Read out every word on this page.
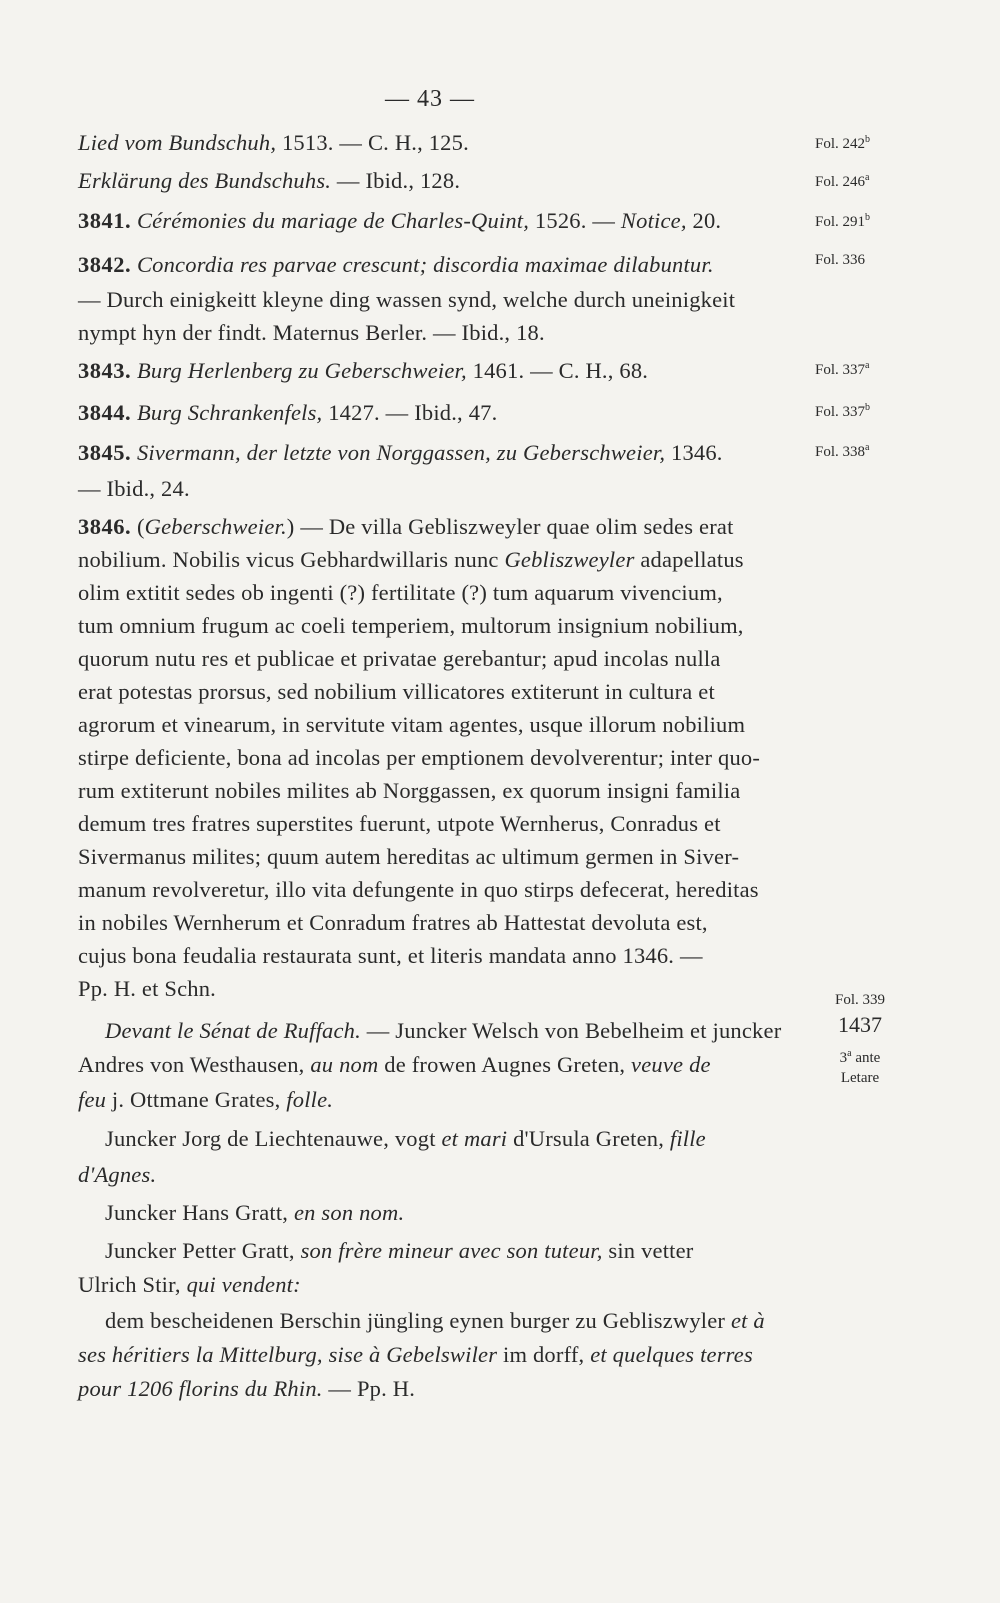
— 43 —
Lied vom Bundschuh, 1513. — C. H., 125.
Erklärung des Bundschuhs. — Ibid., 128.
3841. Cérémonies du mariage de Charles-Quint, 1526. — Notice, 20.
3842. Concordia res parvae crescunt; discordia maximae dilabuntur.
— Durch einigkeitt kleyne ding wassen synd, welche durch uneinigkeit
nympt hyn der findt. Maternus Berler. — Ibid., 18.
3843. Burg Herlenberg zu Geberschweier, 1461. — C. H., 68.
3844. Burg Schrankenfels, 1427. — Ibid., 47.
3845. Sivermann, der letzte von Norggassen, zu Geberschweier, 1346.
— Ibid., 24.
3846. (Geberschweier.) — De villa Gebliszweyler quae olim sedes erat
nobilium. Nobilis vicus Gebhardwillaris nunc Gebliszweyler adapellatus
olim extitit sedes ob ingenti (?) fertilitate (?) tum aquarum vivencium,
tum omnium frugum ac coeli temperiem, multorum insignium nobilium,
quorum nutu res et publicae et privatae gerebantur; apud incolas nulla
erat potestas prorsus, sed nobilium villicatores extiterunt in cultura et
agrorum et vinearum, in servitute vitam agentes, usque illorum nobilium
stirpe deficiente, bona ad incolas per emptionem devolverentur; inter quo-
rum extiterunt nobiles milites ab Norggassen, ex quorum insigni familia
demum tres fratres superstites fuerunt, utpote Wernherus, Conradus et
Sivermanus milites; quum autem hereditas ac ultimum germen in Siver-
manum revolveretur, illo vita defungente in quo stirps defecerat, hereditas
in nobiles Wernherum et Conradum fratres ab Hattestat devoluta est,
cujus bona feudalia restaurata sunt, et literis mandata anno 1346. —
Pp. H. et Schn.
Devant le Sénat de Ruffach. — Juncker Welsch von Bebelheim et juncker
Andres von Westhausen, au nom de frowen Augnes Greten, veuve de
feu j. Ottmane Grates, folle.
Juncker Jorg de Liechtenauwe, vogt et mari d'Ursula Greten, fille
d'Agnes.
Juncker Hans Gratt, en son nom.
Juncker Petter Gratt, son frère mineur avec son tuteur, sin vetter
Ulrich Stir, qui vendent:
dem bescheidenen Berschin jüngling eynen burger zu Gebliszwyler et à
ses héritiers la Mittelburg, sise à Gebelswiler im dorff, et quelques terres
pour 1206 florins du Rhin. — Pp. H.
Fol. 242$^b$
Fol. 246$^a$
Fol. 291$^b$
Fol. 336
Fol. 337$^a$
Fol. 337$^b$
Fol. 338$^a$
Fol. 339
1437
3$^a$ ante
Letare
